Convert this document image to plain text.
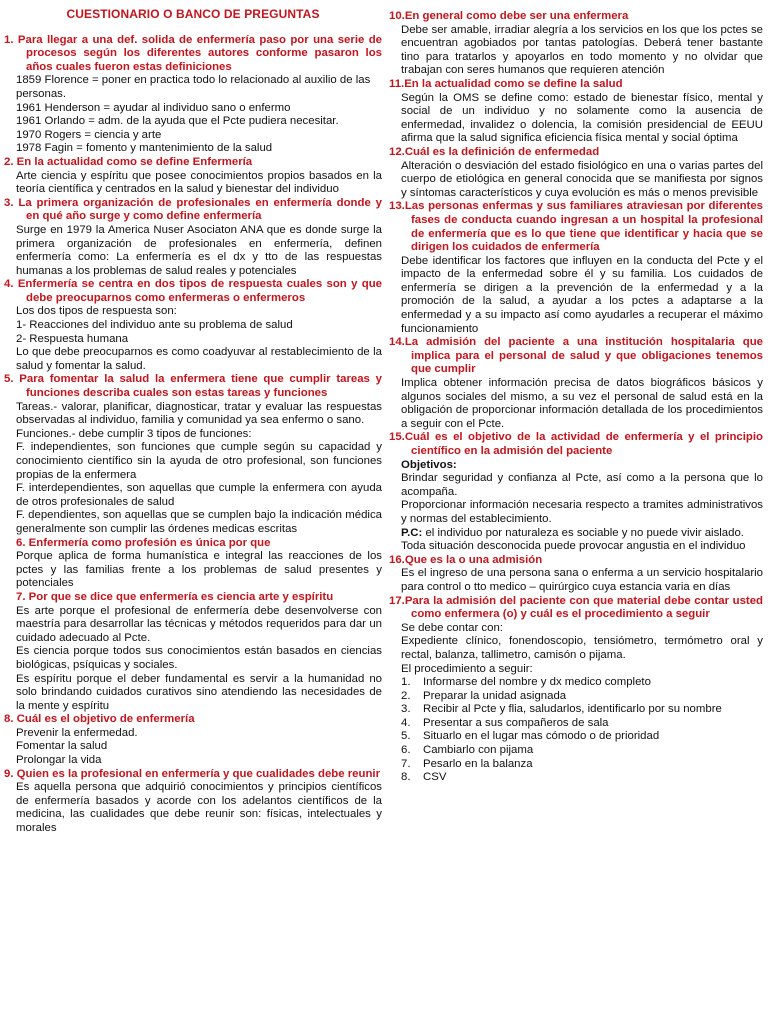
CUESTIONARIO O BANCO DE PREGUNTAS
1. Para llegar a una def. solida de enfermería paso por una serie de procesos según los diferentes autores conforme pasaron los años cuales fueron estas definiciones
1859 Florence = poner en practica todo lo relacionado al auxilio de las personas.
1961 Henderson = ayudar al individuo sano o enfermo
1961 Orlando = adm. de la ayuda que el Pcte pudiera necesitar.
1970 Rogers = ciencia y arte
1978 Fagin = fomento y mantenimiento de la salud
2. En la actualidad como se define Enfermería
Arte ciencia y espíritu que posee conocimientos propios basados en la teoría científica y centrados en la salud y bienestar del individuo
3. La primera organización de profesionales en enfermería donde y en qué año surge y como define enfermería
Surge en 1979 la America Nuser Asociaton ANA que es donde surge la primera organización de profesionales en enfermería, definen enfermería como: La enfermería es el dx y tto de las respuestas humanas a los problemas de salud reales y potenciales
4. Enfermería se centra en dos tipos de respuesta cuales son y que debe preocuparnos como enfermeras o enfermeros
Los dos tipos de respuesta son:
1- Reacciones del individuo ante su problema de salud
2- Respuesta humana
Lo que debe preocuparnos es como coadyuvar al restablecimiento de la salud y fomentar la salud.
5. Para fomentar la salud la enfermera tiene que cumplir tareas y funciones describa cuales son estas tareas y funciones
Tareas.- valorar, planificar, diagnosticar, tratar y evaluar las respuestas observadas al individuo, familia y comunidad ya sea enfermo o sano.
Funciones.- debe cumplir 3 tipos de funciones:
F. independientes, son funciones que cumple según su capacidad y conocimiento científico sin la ayuda de otro profesional, son funciones propias de la enfermera
F. interdependientes, son aquellas que cumple la enfermera con ayuda de otros profesionales de salud
F. dependientes, son aquellas que se cumplen bajo la indicación médica generalmente son cumplir las órdenes medicas escritas
6. Enfermería como profesión es única por que
Porque aplica de forma humanística e integral las reacciones de los pctes y las familias frente a los problemas de salud presentes y potenciales
7. Por que se dice que enfermería es ciencia arte y espíritu
Es arte porque el profesional de enfermería debe desenvolverse con maestría para desarrollar las técnicas y métodos requeridos para dar un cuidado adecuado al Pcte.
Es ciencia porque todos sus conocimientos están basados en ciencias biológicas, psíquicas y sociales.
Es espíritu porque el deber fundamental es servir a la humanidad no solo brindando cuidados curativos sino atendiendo las necesidades de la mente y espíritu
8. Cuál es el objetivo de enfermería
Prevenir la enfermedad.
Fomentar la salud
Prolongar la vida
9. Quien es la profesional en enfermería y que cualidades debe reunir
Es aquella persona que adquirió conocimientos y principios científicos de enfermería basados y acorde con los adelantos científicos de la medicina, las cualidades que debe reunir son: físicas, intelectuales y morales
10.En general como debe ser una enfermera
Debe ser amable, irradiar alegría a los servicios en los que los pctes se encuentran agobiados por tantas patologías. Deberá tener bastante tino para tratarlos y apoyarlos en todo momento y no olvidar que trabajan con seres humanos que requieren atención
11.En la actualidad como se define la salud
Según la OMS se define como: estado de bienestar físico, mental y social de un individuo y no solamente como la ausencia de enfermedad, invalidez o dolencia, la comisión presidencial de EEUU afirma que la salud significa eficiencia física mental y social óptima
12.Cuál es la definición de enfermedad
Alteración o desviación del estado fisiológico en una o varias partes del cuerpo de etiológica en general conocida que se manifiesta por signos y síntomas característicos y cuya evolución es más o menos previsible
13.Las personas enfermas y sus familiares atraviesan por diferentes fases de conducta cuando ingresan a un hospital la profesional de enfermería que es lo que tiene que identificar y hacia que se dirigen los cuidados de enfermería
Debe identificar los factores que influyen en la conducta del Pcte y el impacto de la enfermedad sobre él y su familia. Los cuidados de enfermería se dirigen a la prevención de la enfermedad y a la promoción de la salud, a ayudar a los pctes a adaptarse a la enfermedad y a su impacto así como ayudarles a recuperar el máximo funcionamiento
14.La admisión del paciente a una institución hospitalaria que implica para el personal de salud y que obligaciones tenemos que cumplir
Implica obtener información precisa de datos biográficos básicos y algunos sociales del mismo, a su vez el personal de salud está en la obligación de proporcionar información detallada de los procedimientos a seguir con el Pcte.
15.Cuál es el objetivo de la actividad de enfermería y el principio científico en la admisión del paciente
Objetivos:
Brindar seguridad y confianza al Pcte, así como a la persona que lo acompaña.
Proporcionar información necesaria respecto a tramites administrativos y normas del establecimiento.
P.C: el individuo por naturaleza es sociable y no puede vivir aislado.
Toda situación desconocida puede provocar angustia en el individuo
16.Que es la o una admisión
Es el ingreso de una persona sana o enferma a un servicio hospitalario para control o tto medico – quirúrgico cuya estancia varia en días
17.Para la admisión del paciente con que material debe contar usted como enfermera (o) y cuál es el procedimiento a seguir
Se debe contar con:
Expediente clínico, fonendoscopio, tensiómetro, termómetro oral y rectal, balanza, tallimetro, camisón o pijama.
El procedimiento a seguir:
1.	Informarse del nombre y dx medico completo
2.	Preparar la unidad asignada
3.	Recibir al Pcte y flia, saludarlos, identificarlo por su nombre
4.	Presentar a sus compañeros de sala
5.	Situarlo en el lugar mas cómodo o de prioridad
6.	Cambiarlo con pijama
7.	Pesarlo en la balanza
8.	CSV
